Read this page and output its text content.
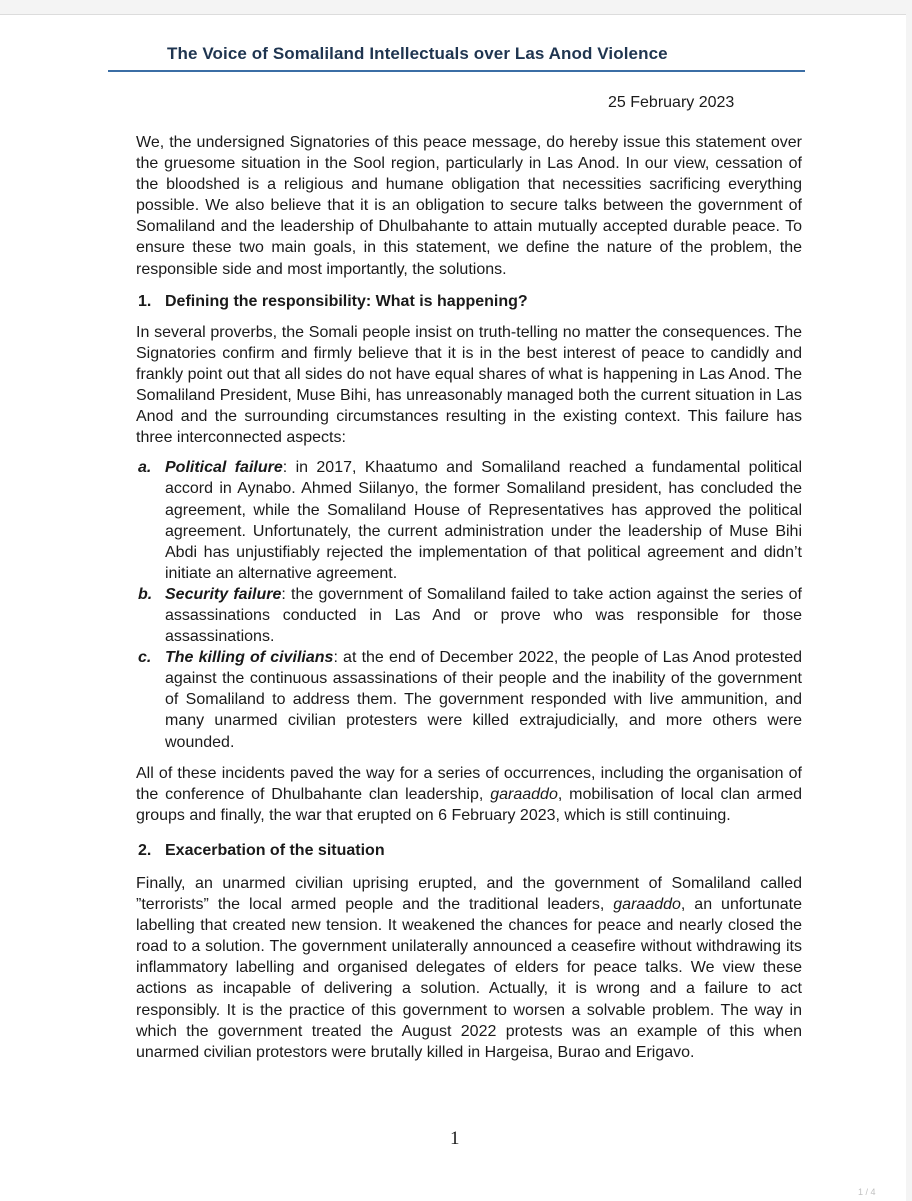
The Voice of Somaliland Intellectuals over Las Anod Violence
25 February 2023

We, the undersigned Signatories of this peace message, do hereby issue this statement over the gruesome situation in the Sool region, particularly in Las Anod. In our view, cessation of the bloodshed is a religious and humane obligation that necessities sacrificing everything possible. We also believe that it is an obligation to secure talks between the government of Somaliland and the leadership of Dhulbahante to attain mutually accepted durable peace. To ensure these two main goals, in this statement, we define the nature of the problem, the responsible side and most importantly, the solutions.

1. Defining the responsibility: What is happening?

In several proverbs, the Somali people insist on truth-telling no matter the consequences. The Signatories confirm and firmly believe that it is in the best interest of peace to candidly and frankly point out that all sides do not have equal shares of what is happening in Las Anod. The Somaliland President, Muse Bihi, has unreasonably managed both the current situation in Las Anod and the surrounding circumstances resulting in the existing context. This failure has three interconnected aspects:

a. Political failure: in 2017, Khaatumo and Somaliland reached a fundamental political accord in Aynabo. Ahmed Siilanyo, the former Somaliland president, has concluded the agreement, while the Somaliland House of Representatives has approved the political agreement. Unfortunately, the current administration under the leadership of Muse Bihi Abdi has unjustifiably rejected the implementation of that political agreement and didn’t initiate an alternative agreement.
b. Security failure: the government of Somaliland failed to take action against the series of assassinations conducted in Las And or prove who was responsible for those assassinations.
c. The killing of civilians: at the end of December 2022, the people of Las Anod protested against the continuous assassinations of their people and the inability of the government of Somaliland to address them. The government responded with live ammunition, and many unarmed civilian protesters were killed extrajudicially, and more others were wounded.

All of these incidents paved the way for a series of occurrences, including the organisation of the conference of Dhulbahante clan leadership, garaaddo, mobilisation of local clan armed groups and finally, the war that erupted on 6 February 2023, which is still continuing.

2. Exacerbation of the situation

Finally, an unarmed civilian uprising erupted, and the government of Somaliland called ”terrorists” the local armed people and the traditional leaders, garaaddo, an unfortunate labelling that created new tension. It weakened the chances for peace and nearly closed the road to a solution. The government unilaterally announced a ceasefire without withdrawing its inflammatory labelling and organised delegates of elders for peace talks. We view these actions as incapable of delivering a solution. Actually, it is wrong and a failure to act responsibly. It is the practice of this government to worsen a solvable problem. The way in which the government treated the August 2022 protests was an example of this when unarmed civilian protestors were brutally killed in Hargeisa, Burao and Erigavo.

1
1 / 4
